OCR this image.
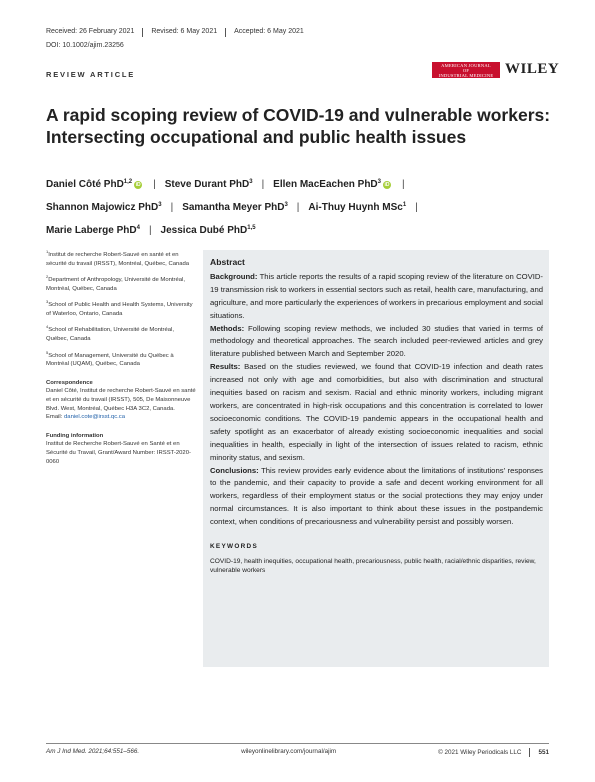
Received: 26 February 2021 Revised: 6 May 2021 Accepted: 6 May 2021
DOI: 10.1002/ajim.23256
REVIEW ARTICLE
AMERICAN JOURNAL
OF
INDUSTRIAL MEDICINE WILEY
A rapid scoping review of COVID-19 and vulnerable workers: Intersecting occupational and public health issues
Daniel Côté PhD$^{1,2}$ iD | Steve Durant PhD$^3$ | Ellen MacEachen PhD$^3$ iD |
Shannon Majowicz PhD$^3$ | Samantha Meyer PhD$^3$ | Ai-Thuy Huynh MSc$^1$ |
Marie Laberge PhD$^4$ | Jessica Dubé PhD$^{1,5}$

$^1$Institut de recherche Robert-Sauvé en santé et en sécurité du travail (IRSST), Montréal, Québec, Canada

$^2$Department of Anthropology, Université de Montréal, Montréal, Québec, Canada

$^3$School of Public Health and Health Systems, University of Waterloo, Ontario, Canada

$^4$School of Rehabilitation, Université de Montréal, Québec, Canada

$^5$School of Management, Université du Québec à Montréal (UQAM), Québec, Canada

Correspondence

Daniel Côté, Institut de recherche Robert-Sauvé en santé et en sécurité du travail (IRSST), 505, De Maisonneuve Blvd. West, Montréal, Québec H3A 3C2, Canada.
Email: daniel.cote@irsst.qc.ca

Funding information

Institut de Recherche Robert-Sauvé en Santé et en Sécurité du Travail, Grant/Award Number: IRSST-2020-0060

Abstract

Background: This article reports the results of a rapid scoping review of the literature on COVID-19 transmission risk to workers in essential sectors such as retail, health care, manufacturing, and agriculture, and more particularly the experiences of workers in precarious employment and social situations.

Methods: Following scoping review methods, we included 30 studies that varied in terms of methodology and theoretical approaches. The search included peer-reviewed articles and grey literature published between March and September 2020.

Results: Based on the studies reviewed, we found that COVID-19 infection and death rates increased not only with age and comorbidities, but also with discrimination and structural inequities based on racism and sexism. Racial and ethnic minority workers, including migrant workers, are concentrated in high-risk occupations and this concentration is correlated to lower socioeconomic conditions. The COVID-19 pandemic appears in the occupational health and safety spotlight as an exacerbator of already existing socioeconomic inequalities and social inequalities in health, especially in light of the intersection of issues related to racism, ethnic minority status, and sexism.

Conclusions: This review provides early evidence about the limitations of institutions' responses to the pandemic, and their capacity to provide a safe and decent working environment for all workers, regardless of their employment status or the social protections they may enjoy under normal circumstances. It is also important to think about these issues in the postpandemic context, when conditions of precariousness and vulnerability persist and possibly worsen.

KEYWORDS
COVID-19, health inequities, occupational health, precariousness, public health, racial/ethnic disparities, review, vulnerable workers
Am J Ind Med. 2021;64:551–566.	wileyonlinelibrary.com/journal/ajim	© 2021 Wiley Periodicals LLC	551
